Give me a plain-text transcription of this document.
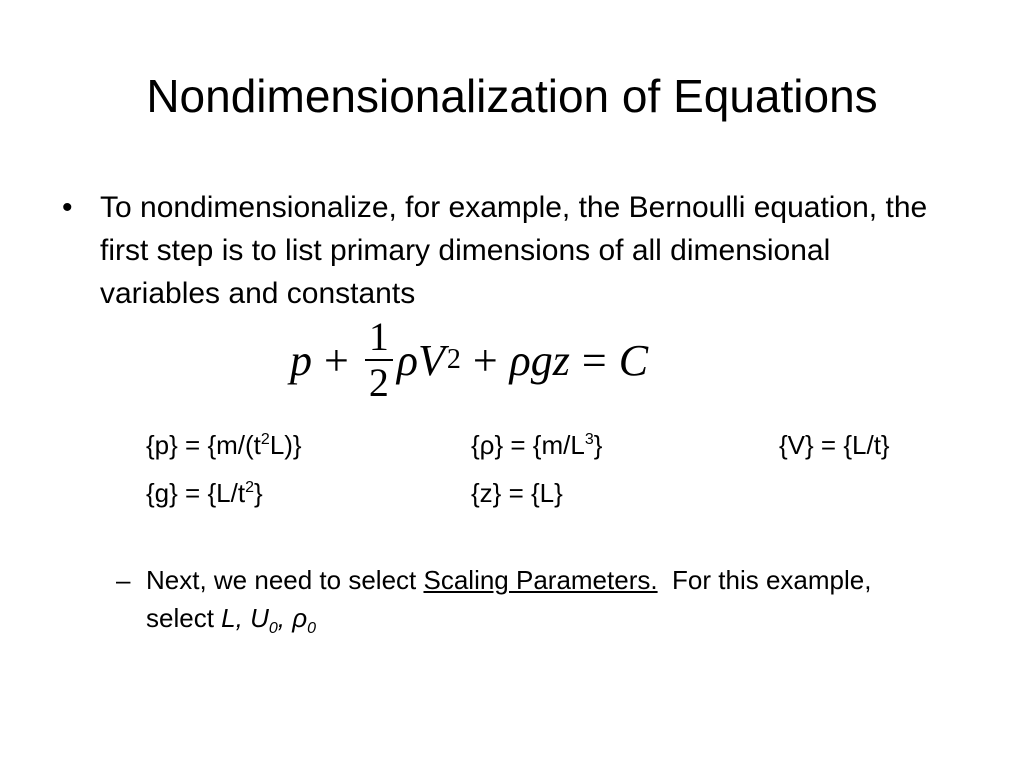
Nondimensionalization of Equations
• To nondimensionalize, for example, the Bernoulli equation, the first step is to list primary dimensions of all dimensional variables and constants
$p + \frac{1}{2}$ ρ V 2 + ρ g z = C
$\{p\} = \{m/(t^2L)\}$	$\{\rho\} = \{m/L^3\}$	{V} = {L/t}
$\{g\} = \{L/t^2\}$	{z} = {L}
– Next, we need to select Scaling Parameters.  For this example, select L, $U_0$, $\rho_0$
